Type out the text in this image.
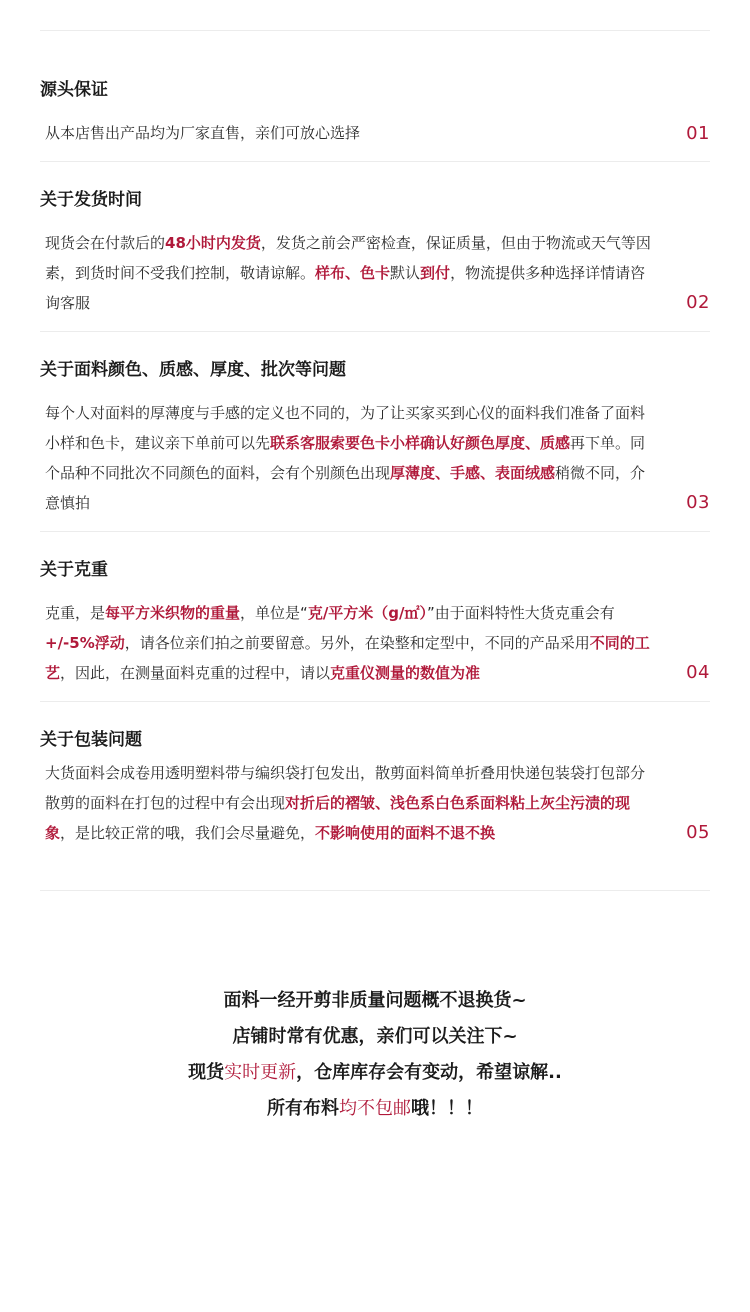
源头保证

从本店售出产品均为厂家直售，亲们可放心选择	01
关于发货时间

现货会在付款后的48小时内发货，发货之前会严密检查，保证质量，但由于物流或天气等因素，到货时间不受我们控制，敬请谅解。样布、色卡默认到付，物流提供多种选择详情请咨询客服	02
关于面料颜色、质感、厚度、批次等问题

每个人对面料的厚薄度与手感的定义也不同的，为了让买家买到心仪的面料我们准备了面料小样和色卡，建议亲下单前可以先联系客服索要色卡小样确认好颜色厚度、质感再下单。同个品种不同批次不同颜色的面料，会有个别颜色出现厚薄度、手感、表面绒感稍微不同，介意慎拍	03
关于克重

克重，是每平方米织物的重量，单位是“克/平方米（g/㎡）”由于面料特性大货克重会有+/-5%浮动，请各位亲们拍之前要留意。另外，在染整和定型中，不同的产品采用不同的工艺，因此，在测量面料克重的过程中，请以克重仪测量的数值为准	04
关于包装问题

大货面料会成卷用透明塑料带与编织袋打包发出，散剪面料简单折叠用快递包装袋打包部分散剪的面料在打包的过程中有会出现对折后的褶皱、浅色系白色系面料粘上灰尘污渍的现象，是比较正常的哦，我们会尽量避免，不影响使用的面料不退不换	05

面料一经开剪非质量问题概不退换货~

店铺时常有优惠，亲们可以关注下~

现货实时更新，仓库库存会有变动，希望谅解..

所有布料均不包邮哦！！！
